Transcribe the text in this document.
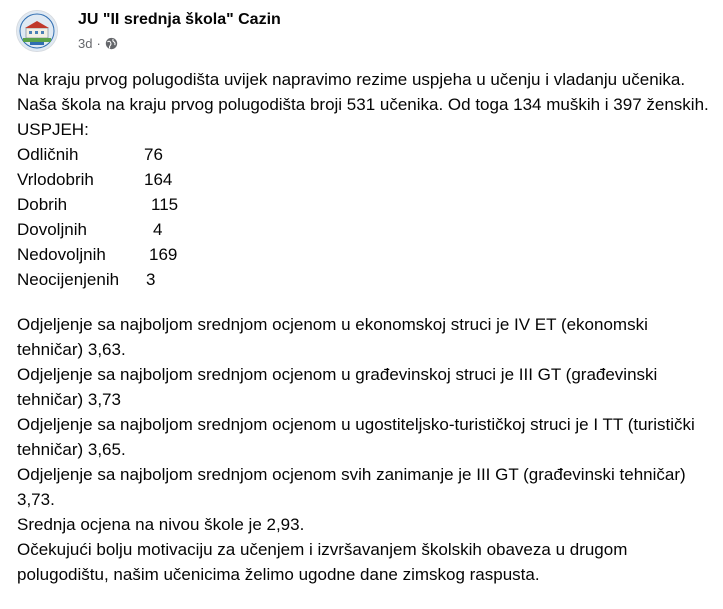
JU "II srednja škola" Cazin
3d ·

Na kraju prvog polugodišta uvijek napravimo rezime uspjeha u učenju i vladanju učenika. Naša škola na kraju prvog polugodišta broji 531 učenika. Od toga 134 muških i 397 ženskih.

USPJEH:
Odličnih	76
Vrlodobrih	164
Dobrih	115
Dovoljnih	4
Nedovoljnih	169
Neocijenjenih	3

Odjeljenje sa najboljom srednjom ocjenom u ekonomskoj struci je IV ET (ekonomski tehničar) 3,63.

Odjeljenje sa najboljom srednjom ocjenom u građevinskoj struci je III GT (građevinski tehničar) 3,73

Odjeljenje sa najboljom srednjom ocjenom u ugostiteljsko-turističkoj struci je I TT (turistički tehničar) 3,65.

Odjeljenje sa najboljom srednjom ocjenom svih zanimanje je III GT (građevinski tehničar) 3,73.

Srednja ocjena na nivou škole je 2,93.

Očekujući bolju motivaciju za učenjem i izvršavanjem školskih obaveza u drugom polugodištu, našim učenicima želimo ugodne dane zimskog raspusta.
